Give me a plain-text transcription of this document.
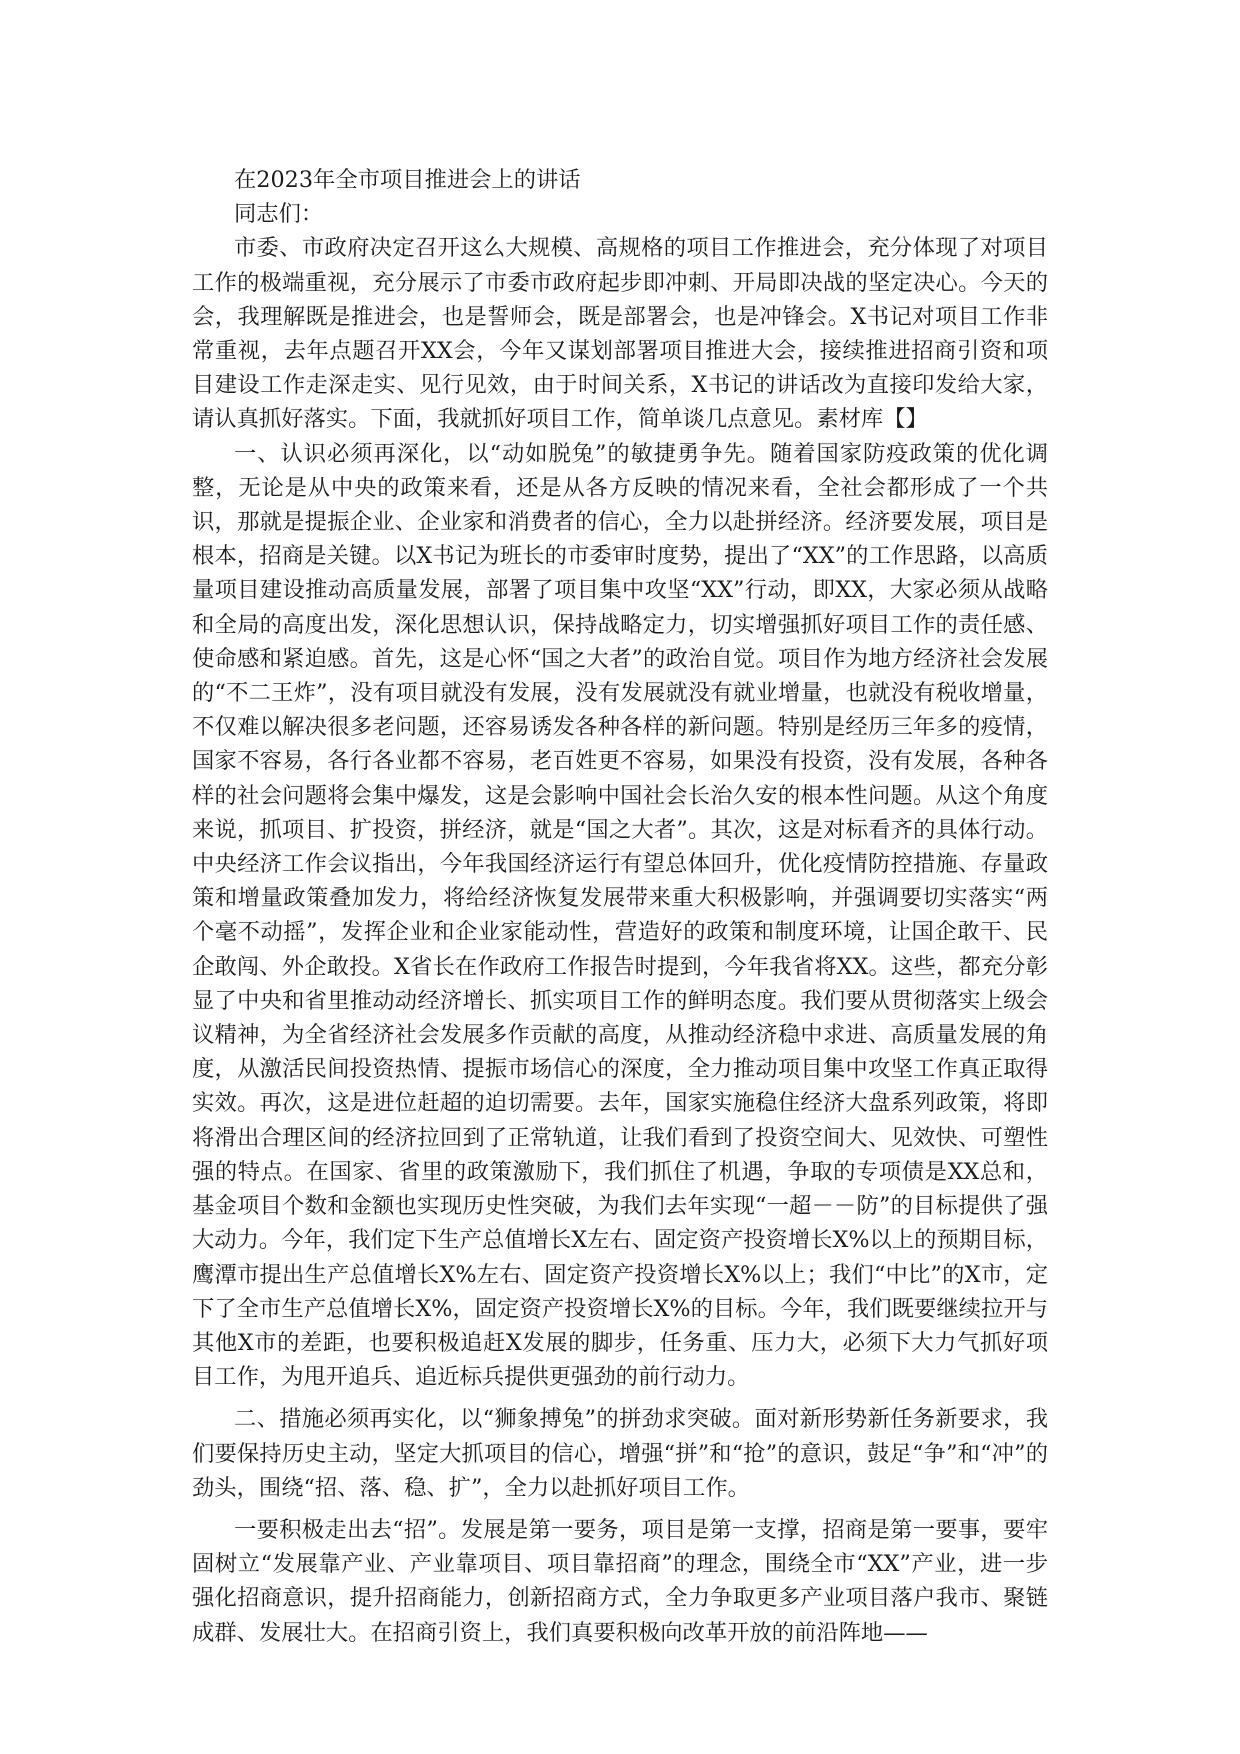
在2023年全市项目推进会上的讲话

同志们：

市委、市政府决定召开这么大规模、高规格的项目工作推进会，充分体现了对项目工作的极端重视，充分展示了市委市政府起步即冲刺、开局即决战的坚定决心。今天的会，我理解既是推进会，也是誓师会，既是部署会，也是冲锋会。X书记对项目工作非常重视，去年点题召开XX会，今年又谋划部署项目推进大会，接续推进招商引资和项目建设工作走深走实、见行见效，由于时间关系，X书记的讲话改为直接印发给大家，请认真抓好落实。下面，我就抓好项目工作，简单谈几点意见。素材库【】

一、认识必须再深化，以“动如脱兔”的敏捷勇争先。随着国家防疫政策的优化调整，无论是从中央的政策来看，还是从各方反映的情况来看，全社会都形成了一个共识，那就是提振企业、企业家和消费者的信心，全力以赴拼经济。经济要发展，项目是根本，招商是关键。以X书记为班长的市委审时度势，提出了“XX”的工作思路，以高质量项目建设推动高质量发展，部署了项目集中攻坚“XX”行动，即XX，大家必须从战略和全局的高度出发，深化思想认识，保持战略定力，切实增强抓好项目工作的责任感、使命感和紧迫感。首先，这是心怀“国之大者”的政治自觉。项目作为地方经济社会发展的“不二王炸”，没有项目就没有发展，没有发展就没有就业增量，也就没有税收增量，不仅难以解决很多老问题，还容易诱发各种各样的新问题。特别是经历三年多的疫情，国家不容易，各行各业都不容易，老百姓更不容易，如果没有投资，没有发展，各种各样的社会问题将会集中爆发，这是会影响中国社会长治久安的根本性问题。从这个角度来说，抓项目、扩投资，拼经济，就是“国之大者”。其次，这是对标看齐的具体行动。中央经济工作会议指出，今年我国经济运行有望总体回升，优化疫情防控措施、存量政策和增量政策叠加发力，将给经济恢复发展带来重大积极影响，并强调要切实落实“两个毫不动摇”，发挥企业和企业家能动性，营造好的政策和制度环境，让国企敢干、民企敢闯、外企敢投。X省长在作政府工作报告时提到，今年我省将XX。这些，都充分彰显了中央和省里推动动经济增长、抓实项目工作的鲜明态度。我们要从贯彻落实上级会议精神，为全省经济社会发展多作贡献的高度，从推动经济稳中求进、高质量发展的角度，从激活民间投资热情、提振市场信心的深度，全力推动项目集中攻坚工作真正取得实效。再次，这是进位赶超的迫切需要。去年，国家实施稳住经济大盘系列政策，将即将滑出合理区间的经济拉回到了正常轨道，让我们看到了投资空间大、见效快、可塑性强的特点。在国家、省里的政策激励下，我们抓住了机遇，争取的专项债是XX总和，基金项目个数和金额也实现历史性突破，为我们去年实现“一超－－防”的目标提供了强大动力。今年，我们定下生产总值增长X左右、固定资产投资增长X%以上的预期目标，鹰潭市提出生产总值增长X%左右、固定资产投资增长X%以上；我们“中比”的X市，定下了全市生产总值增长X%，固定资产投资增长X%的目标。今年，我们既要继续拉开与其他X市的差距，也要积极追赶X发展的脚步，任务重、压力大，必须下大力气抓好项目工作，为甩开追兵、追近标兵提供更强劲的前行动力。

二、措施必须再实化，以“狮象搏兔”的拼劲求突破。面对新形势新任务新要求，我们要保持历史主动，坚定大抓项目的信心，增强“拼”和“抢”的意识，鼓足“争”和“冲”的劲头，围绕“招、落、稳、扩”，全力以赴抓好项目工作。

一要积极走出去“招”。发展是第一要务，项目是第一支撑，招商是第一要事，要牢固树立“发展靠产业、产业靠项目、项目靠招商”的理念，围绕全市“XX”产业，进一步强化招商意识，提升招商能力，创新招商方式，全力争取更多产业项目落户我市、聚链成群、发展壮大。在招商引资上，我们真要积极向改革开放的前沿阵地——
